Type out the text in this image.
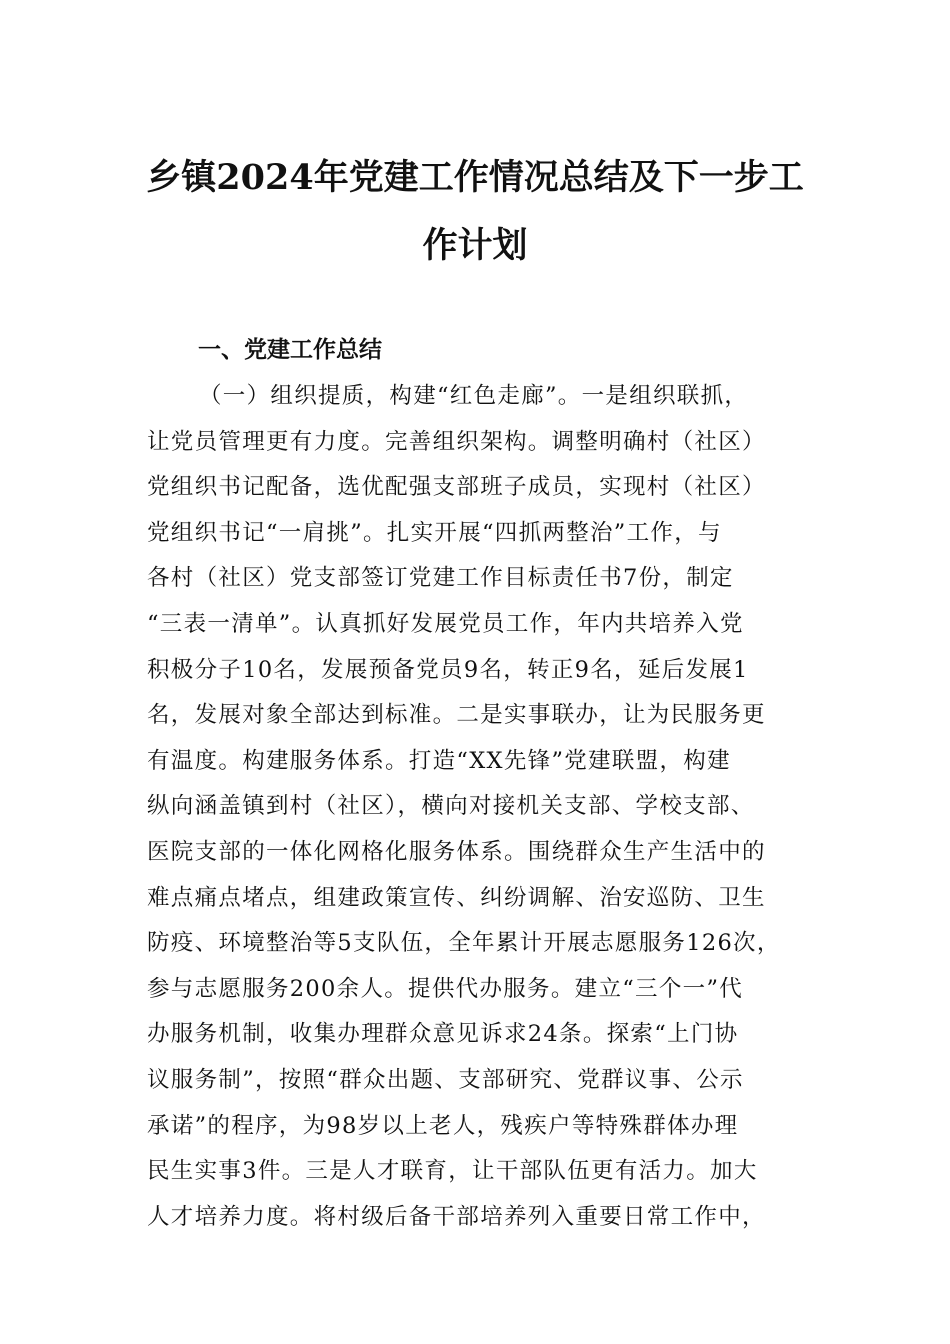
乡镇2024年党建工作情况总结及下一步工
作计划
一、党建工作总结
（一）组织提质，构建“红色走廊”。一是组织联抓，
让党员管理更有力度。完善组织架构。调整明确村（社区）
党组织书记配备，选优配强支部班子成员，实现村（社区）
党组织书记“一肩挑”。扎实开展“四抓两整治”工作，与
各村（社区）党支部签订党建工作目标责任书7份，制定
“三表一清单”。认真抓好发展党员工作，年内共培养入党
积极分子10名，发展预备党员9名，转正9名，延后发展1
名，发展对象全部达到标准。二是实事联办，让为民服务更
有温度。构建服务体系。打造“XX先锋”党建联盟，构建
纵向涵盖镇到村（社区），横向对接机关支部、学校支部、
医院支部的一体化网格化服务体系。围绕群众生产生活中的
难点痛点堵点，组建政策宣传、纠纷调解、治安巡防、卫生
防疫、环境整治等5支队伍，全年累计开展志愿服务126次，
参与志愿服务200余人。提供代办服务。建立“三个一”代
办服务机制，收集办理群众意见诉求24条。探索“上门协
议服务制”，按照“群众出题、支部研究、党群议事、公示
承诺”的程序，为98岁以上老人，残疾户等特殊群体办理
民生实事3件。三是人才联育，让干部队伍更有活力。加大
人才培养力度。将村级后备干部培养列入重要日常工作中，
